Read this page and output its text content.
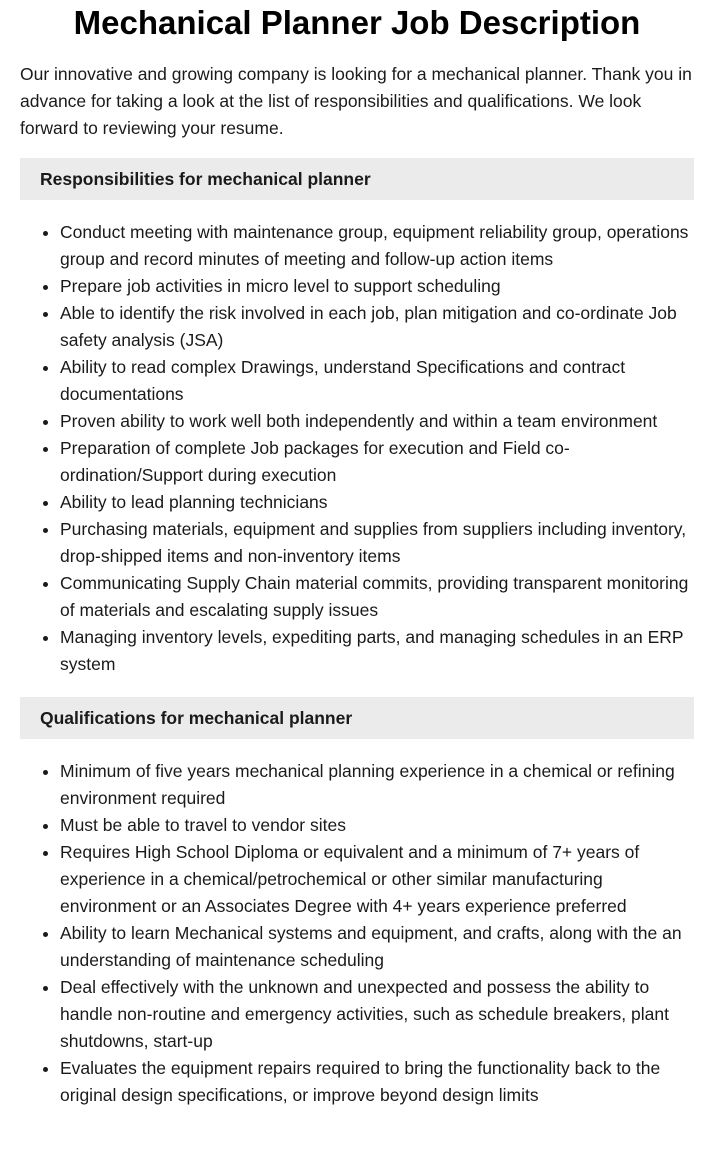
Mechanical Planner Job Description

Our innovative and growing company is looking for a mechanical planner. Thank you in advance for taking a look at the list of responsibilities and qualifications. We look forward to reviewing your resume.

Responsibilities for mechanical planner
• Conduct meeting with maintenance group, equipment reliability group, operations group and record minutes of meeting and follow-up action items
• Prepare job activities in micro level to support scheduling
• Able to identify the risk involved in each job, plan mitigation and co-ordinate Job safety analysis (JSA)
• Ability to read complex Drawings, understand Specifications and contract documentations
• Proven ability to work well both independently and within a team environment
• Preparation of complete Job packages for execution and Field co-ordination/Support during execution
• Ability to lead planning technicians
• Purchasing materials, equipment and supplies from suppliers including inventory, drop-shipped items and non-inventory items
• Communicating Supply Chain material commits, providing transparent monitoring of materials and escalating supply issues
• Managing inventory levels, expediting parts, and managing schedules in an ERP system
Qualifications for mechanical planner
• Minimum of five years mechanical planning experience in a chemical or refining environment required
• Must be able to travel to vendor sites
• Requires High School Diploma or equivalent and a minimum of 7+ years of experience in a chemical/petrochemical or other similar manufacturing environment or an Associates Degree with 4+ years experience preferred
• Ability to learn Mechanical systems and equipment, and crafts, along with the an understanding of maintenance scheduling
• Deal effectively with the unknown and unexpected and possess the ability to handle non-routine and emergency activities, such as schedule breakers, plant shutdowns, start-up
• Evaluates the equipment repairs required to bring the functionality back to the original design specifications, or improve beyond design limits
